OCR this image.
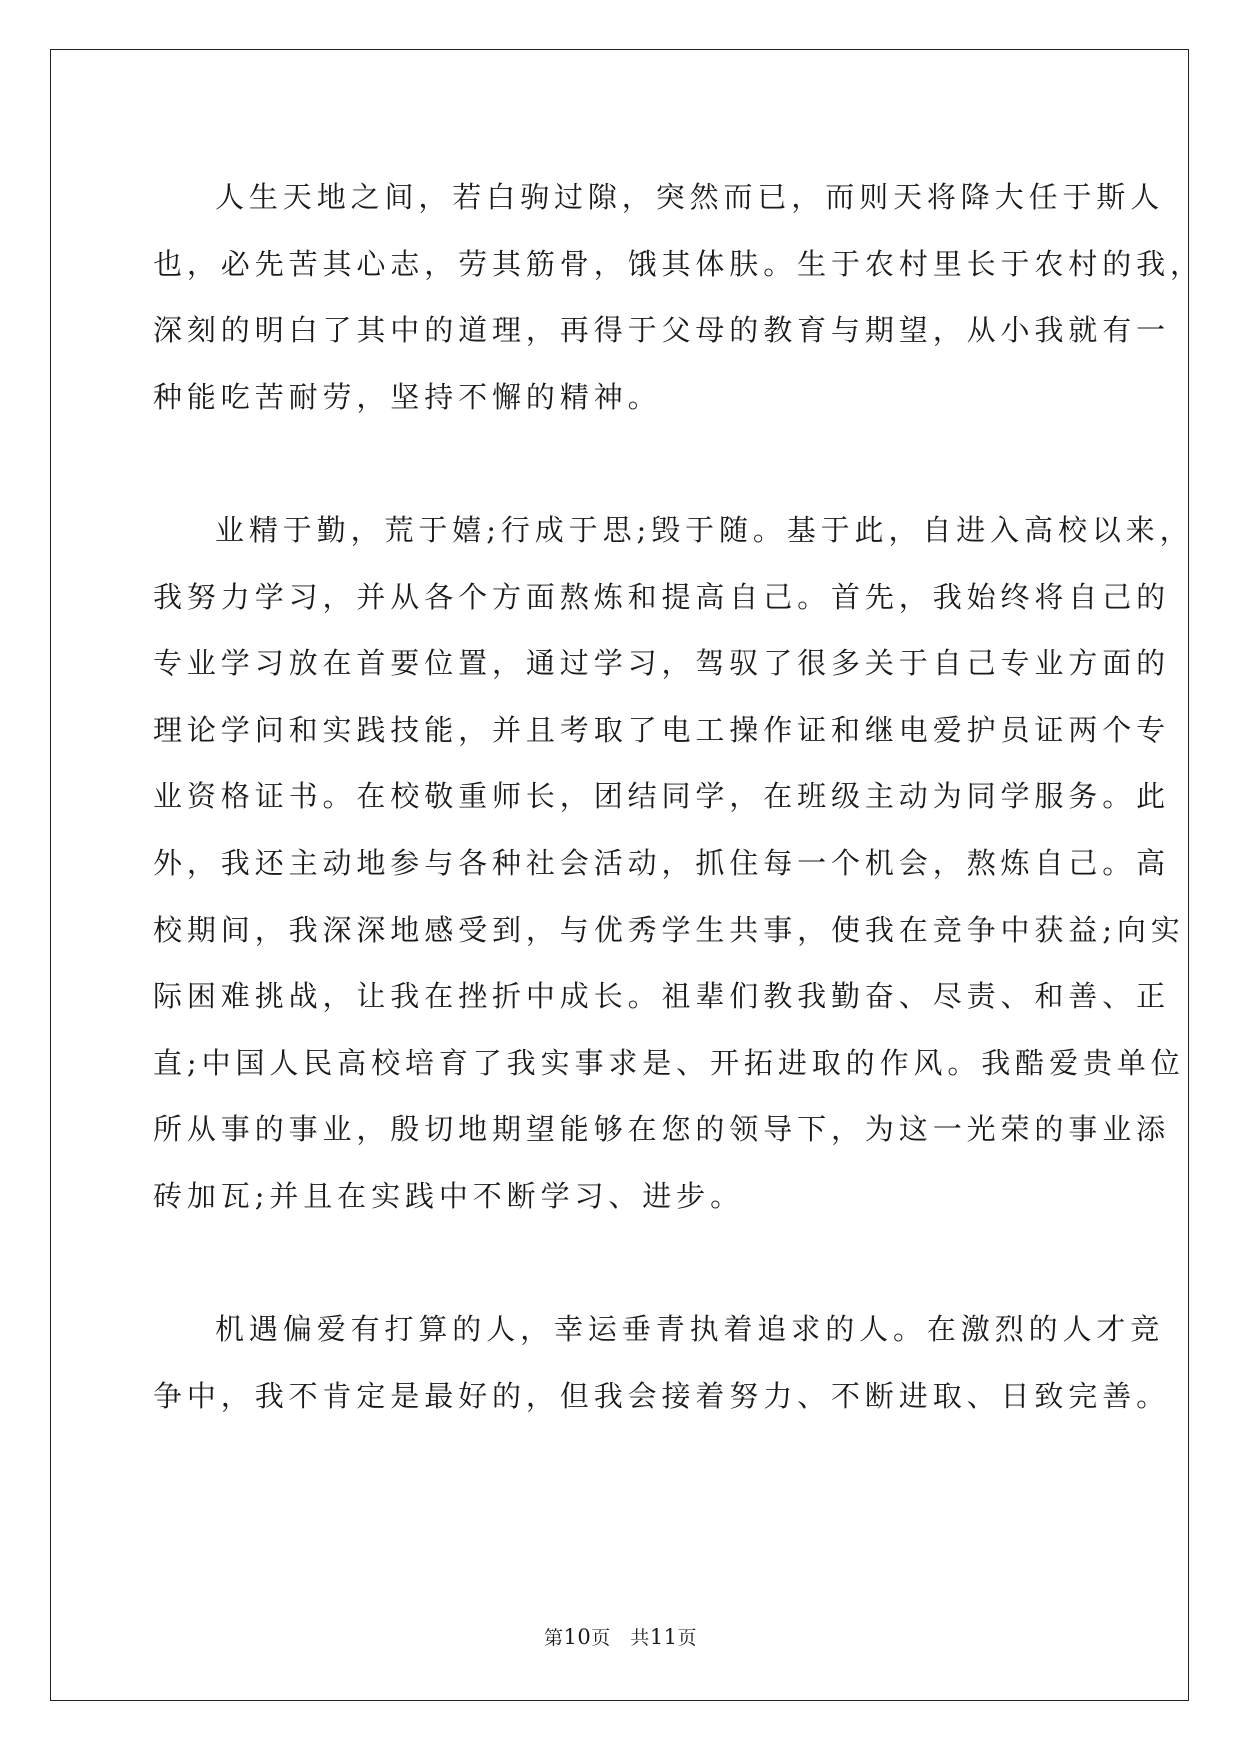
人生天地之间，若白驹过隙，突然而已，而则天将降大任于斯人
也，必先苦其心志，劳其筋骨，饿其体肤。生于农村里长于农村的我，
深刻的明白了其中的道理，再得于父母的教育与期望，从小我就有一
种能吃苦耐劳，坚持不懈的精神。
业精于勤，荒于嬉;行成于思;毁于随。基于此，自进入高校以来，
我努力学习，并从各个方面熬炼和提高自己。首先，我始终将自己的
专业学习放在首要位置，通过学习，驾驭了很多关于自己专业方面的
理论学问和实践技能，并且考取了电工操作证和继电爱护员证两个专
业资格证书。在校敬重师长，团结同学，在班级主动为同学服务。此
外，我还主动地参与各种社会活动，抓住每一个机会，熬炼自己。高
校期间，我深深地感受到，与优秀学生共事，使我在竞争中获益;向实
际困难挑战，让我在挫折中成长。祖辈们教我勤奋、尽责、和善、正
直;中国人民高校培育了我实事求是、开拓进取的作风。我酷爱贵单位
所从事的事业，殷切地期望能够在您的领导下，为这一光荣的事业添
砖加瓦;并且在实践中不断学习、进步。
机遇偏爱有打算的人，幸运垂青执着追求的人。在激烈的人才竞
争中，我不肯定是最好的，但我会接着努力、不断进取、日致完善。
第10页   共11页
